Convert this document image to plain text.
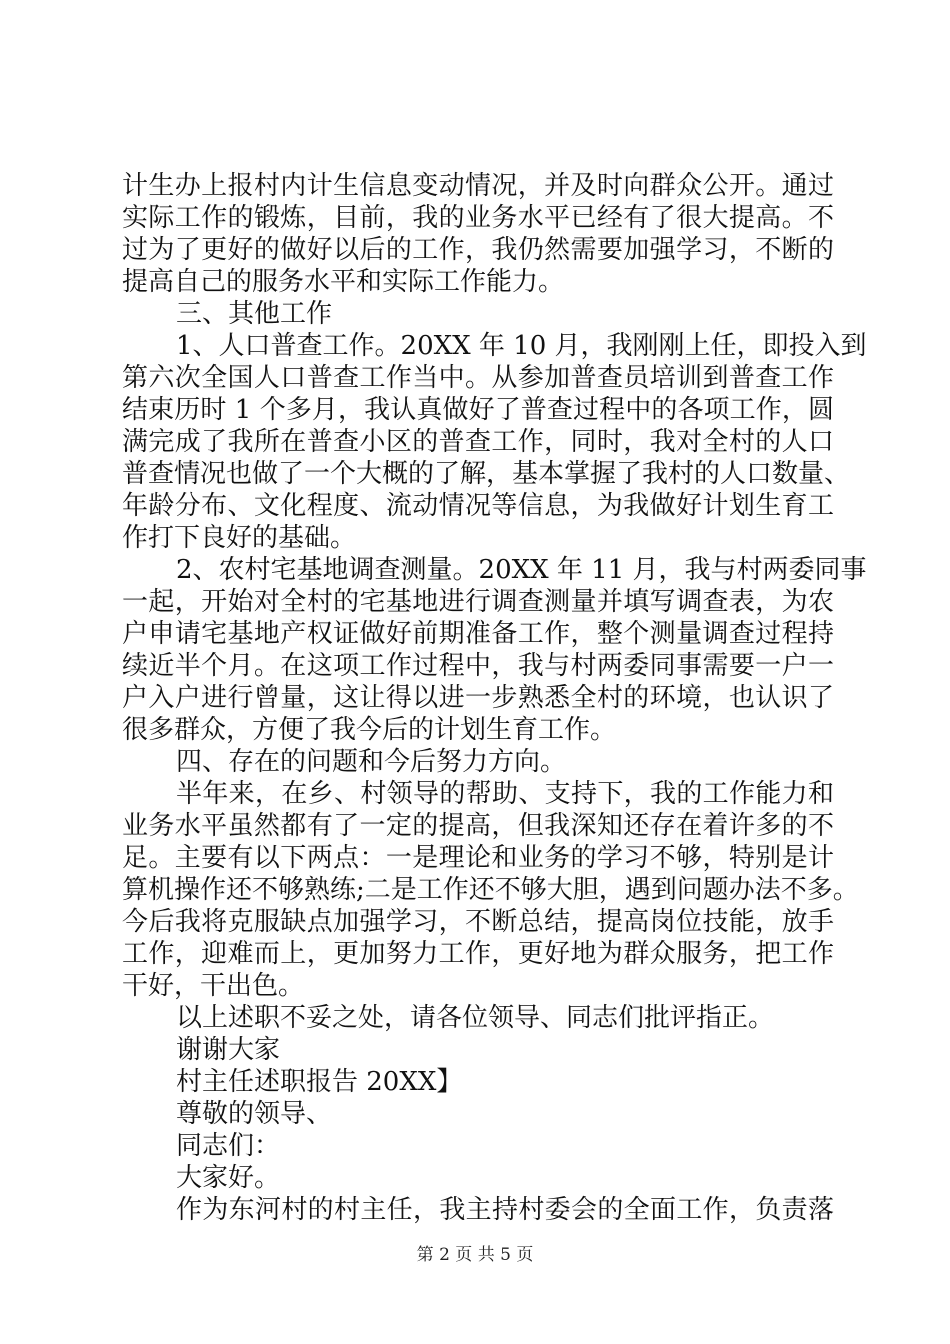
计生办上报村内计生信息变动情况，并及时向群众公开。通过
实际工作的锻炼，目前，我的业务水平已经有了很大提高。不
过为了更好的做好以后的工作，我仍然需要加强学习，不断的
提高自己的服务水平和实际工作能力。
三、其他工作
1、人口普查工作。20XX 年 10 月，我刚刚上任，即投入到
第六次全国人口普查工作当中。从参加普查员培训到普查工作
结束历时 1 个多月，我认真做好了普查过程中的各项工作，圆
满完成了我所在普查小区的普查工作，同时，我对全村的人口
普查情况也做了一个大概的了解，基本掌握了我村的人口数量、
年龄分布、文化程度、流动情况等信息，为我做好计划生育工
作打下良好的基础。
2、农村宅基地调查测量。20XX 年 11 月，我与村两委同事
一起，开始对全村的宅基地进行调查测量并填写调查表，为农
户申请宅基地产权证做好前期准备工作，整个测量调查过程持
续近半个月。在这项工作过程中，我与村两委同事需要一户一
户入户进行曾量，这让得以进一步熟悉全村的环境，也认识了
很多群众，方便了我今后的计划生育工作。
四、存在的问题和今后努力方向。
半年来，在乡、村领导的帮助、支持下，我的工作能力和
业务水平虽然都有了一定的提高，但我深知还存在着许多的不
足。主要有以下两点：一是理论和业务的学习不够，特别是计
算机操作还不够熟练;二是工作还不够大胆，遇到问题办法不多。
今后我将克服缺点加强学习，不断总结，提高岗位技能，放手
工作，迎难而上，更加努力工作，更好地为群众服务，把工作
干好，干出色。
以上述职不妥之处，请各位领导、同志们批评指正。
谢谢大家
村主任述职报告 20XX】
尊敬的领导、
同志们：
大家好。
作为东河村的村主任，我主持村委会的全面工作，负责落
第 2 页 共 5 页
